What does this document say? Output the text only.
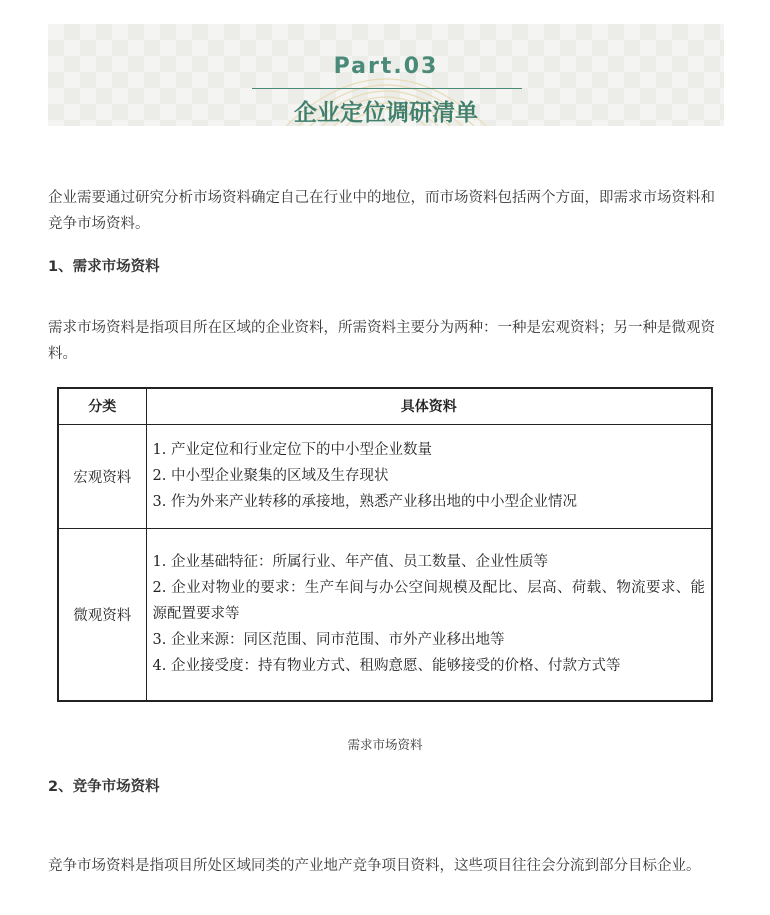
Part.03
企业定位调研清单
企业需要通过研究分析市场资料确定自己在行业中的地位，而市场资料包括两个方面，即需求市场资料和竞争市场资料。
1、需求市场资料
需求市场资料是指项目所在区域的企业资料，所需资料主要分为两种：一种是宏观资料；另一种是微观资料。
分类	具体资料
宏观资料	1. 产业定位和行业定位下的中小型企业数量
2. 中小型企业聚集的区域及生存现状
3. 作为外来产业转移的承接地，熟悉产业移出地的中小型企业情况

微观资料	1. 企业基础特征：所属行业、年产值、员工数量、企业性质等
2. 企业对物业的要求：生产车间与办公空间规模及配比、层高、荷载、物流要求、能源配置要求等
3. 企业来源：同区范围、同市范围、市外产业移出地等
4. 企业接受度：持有物业方式、租购意愿、能够接受的价格、付款方式等
需求市场资料
2、竞争市场资料
竞争市场资料是指项目所处区域同类的产业地产竞争项目资料，这些项目往往会分流到部分目标企业。
